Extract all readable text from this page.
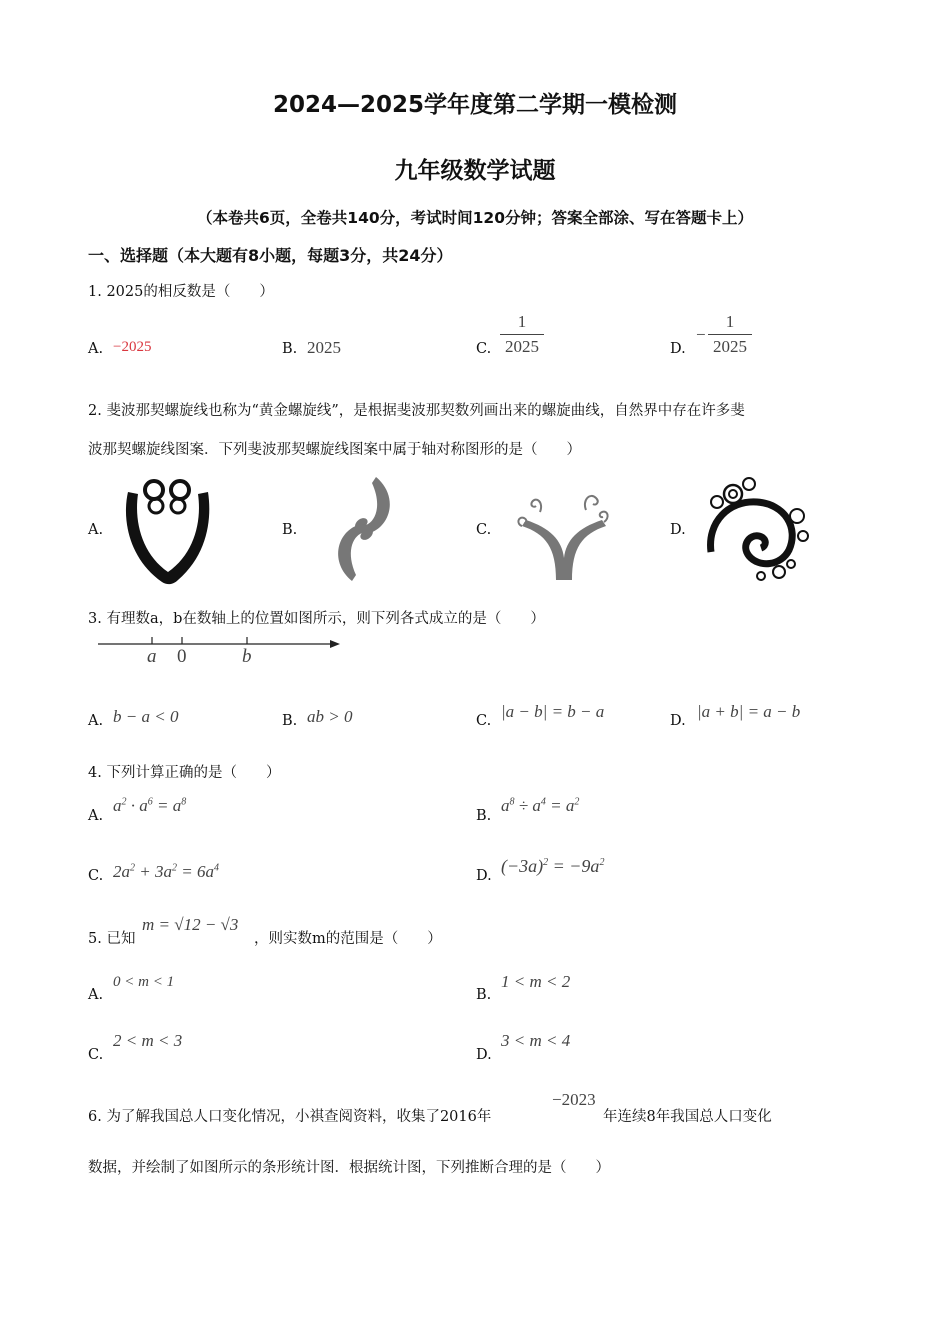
2024—2025学年度第二学期一模检测
九年级数学试题
（本卷共6页，全卷共140分，考试时间120分钟；答案全部涂、写在答题卡上）
一、选择题（本大题有8小题，每题3分，共24分）
1. 2025的相反数是（　　）
A. −2025	B. 2025	C.
1
2025	D.
−
1
2025
2. 斐波那契螺旋线也称为“黄金螺旋线”，是根据斐波那契数列画出来的螺旋曲线，自然界中存在许多斐
波那契螺旋线图案．下列斐波那契螺旋线图案中属于轴对称图形的是（　　）
A.	B.	C.	D.
3. 有理数a，b在数轴上的位置如图所示，则下列各式成立的是（　　）
a 0	b
A. b − a < 0	B. ab > 0	C. |a − b| = b − a	D. |a + b| = a − b
4. 下列计算正确的是（　　）
A.
$a^2 \cdot a^6 = a^8$
B.
$a^8 \div a^4 = a^2$
C. $2a^2 + 3a^2 = 6a^4$
D. $(-3a)^2 = -9a^2$
5. 已知
m = √12 − √3
，则实数m的范围是（　　）
A.
0 < m < 1
B.
1 < m < 2
C.
2 < m < 3
D.
3 < m < 4
6. 为了解我国总人口变化情况，小祺查阅资料，收集了2016年
−2023
年连续8年我国总人口变化
数据，并绘制了如图所示的条形统计图．根据统计图，下列推断合理的是（　　）
